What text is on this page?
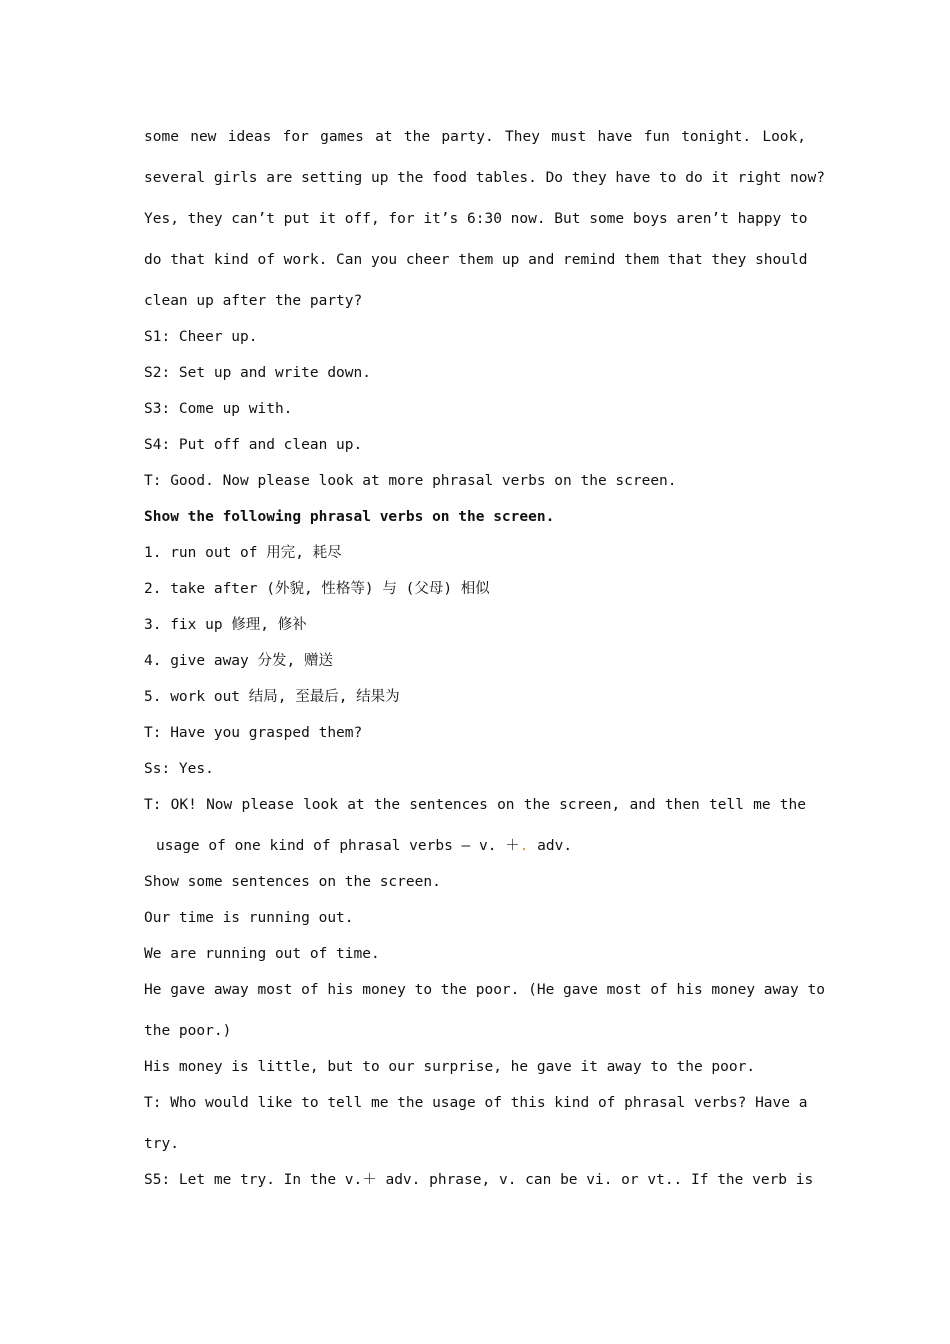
some new ideas for games at the party. They must have fun tonight. Look,
several girls are setting up the food tables. Do they have to do it right now?
Yes, they can’t put it off, for it’s 6:30 now. But some boys aren’t happy to
do that kind of work. Can you cheer them up and remind them that they should
clean up after the party?
S1: Cheer up.
S2: Set up and write down.
S3: Come up with.
S4: Put off and clean up.
T: Good. Now please look at more phrasal verbs on the screen.
Show the following phrasal verbs on the screen.
1. run out of 用完, 耗尽
2. take after (外貌, 性格等) 与 (父母) 相似
3. fix up 修理, 修补
4. give away 分发, 赠送
5. work out 结局, 至最后, 结果为
T: Have you grasped them?
Ss: Yes.
T: OK! Now please look at the sentences on the screen, and then tell me the
usage of one kind of phrasal verbs — v. ＋. adv.
Show some sentences on the screen.
Our time is running out.
We are running out of time.
He gave away most of his money to the poor. (He gave most of his money away to
the poor.)
His money is little, but to our surprise, he gave it away to the poor.
T: Who would like to tell me the usage of this kind of phrasal verbs? Have a
try.
S5: Let me try. In the v.＋ adv. phrase, v. can be vi. or vt.. If the verb is
